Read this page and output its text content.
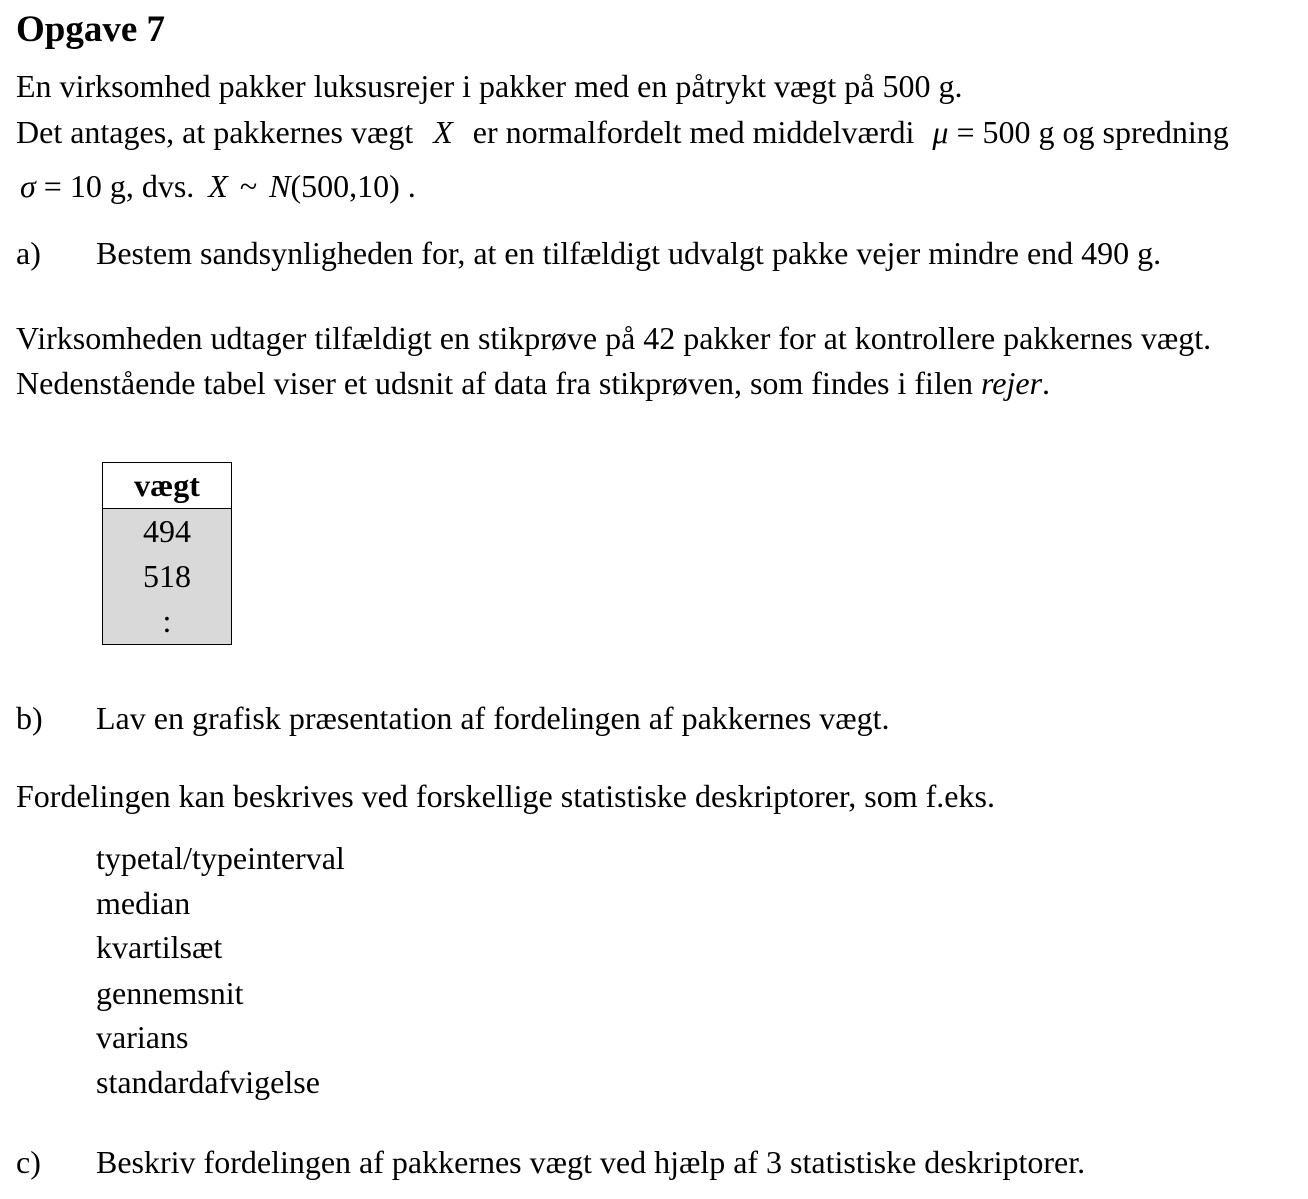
Opgave 7
En virksomhed pakker luksusrejer i pakker med en påtrykt vægt på 500 g.
Det antages, at pakkernes vægt X er normalfordelt med middelværdi μ = 500 g og spredning
σ = 10 g, dvs. X ~ N(500,10) .
a) Bestem sandsynligheden for, at en tilfældigt udvalgt pakke vejer mindre end 490 g.
Virksomheden udtager tilfældigt en stikprøve på 42 pakker for at kontrollere pakkernes vægt.
Nedenstående tabel viser et udsnit af data fra stikprøven, som findes i filen rejer.
vægt
494
518
:
b) Lav en grafisk præsentation af fordelingen af pakkernes vægt.
Fordelingen kan beskrives ved forskellige statistiske deskriptorer, som f.eks.
typetal/typeinterval
median
kvartilsæt
gennemsnit
varians
standardafvigelse
c) Beskriv fordelingen af pakkernes vægt ved hjælp af 3 statistiske deskriptorer.
